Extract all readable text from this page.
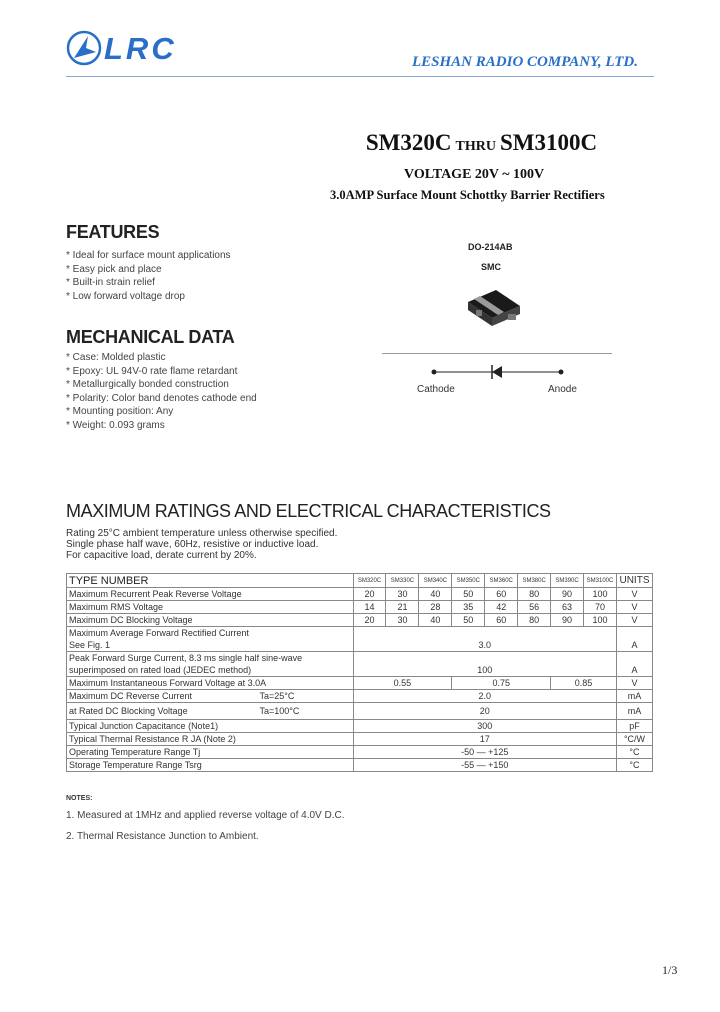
LRC	LESHAN RADIO COMPANY, LTD.
SM320C THRU SM3100C
VOLTAGE 20V ~ 100V
3.0AMP Surface Mount Schottky Barrier Rectifiers
FEATURES
* Ideal for surface mount applications
* Easy pick and place
* Built-in strain relief
* Low forward voltage drop
MECHANICAL DATA
* Case: Molded plastic
* Epoxy: UL 94V-0 rate flame retardant
* Metallurgically bonded construction
* Polarity: Color band denotes cathode end
* Mounting position: Any
* Weight: 0.093 grams
DO-214AB
SMC
Cathode	Anode
MAXIMUM RATINGS AND ELECTRICAL CHARACTERISTICS
Rating 25°C ambient temperature unless otherwise specified.
Single phase half wave, 60Hz, resistive or inductive load.
For capacitive load, derate current by 20%.
TYPE NUMBER	SM320C	SM330C	SM340C	SM350C	SM360C	SM380C	SM390C	SM3100C	UNITS
Maximum Recurrent Peak Reverse Voltage	20	30	40	50	60	80	90	100	V
Maximum RMS Voltage	14	21	28	35	42	56	63	70	V
Maximum DC Blocking Voltage	20	30	40	50	60	80	90	100	V

Maximum Average Forward Rectified Current
See Fig. 1	3.0								A

Peak Forward Surge Current, 8.3 ms single half sine-wave
superimposed on rated load (JEDEC method)	100								A
Maximum Instantaneous Forward Voltage at 3.0A	0.55			0.75			0.85		V
Maximum DC Reverse Current Ta=25°C	2.0								mA
at Rated DC Blocking Voltage Ta=100°C	20								mA
Typical Junction Capacitance (Note1)	300								pF
Typical Thermal Resistance R JA (Note 2)	17								°C/W
Operating Temperature Range Tj	-50 — +125								°C
Storage Temperature Range Tsrg	-55 — +150								°C
NOTES:
1. Measured at 1MHz and applied reverse voltage of 4.0V D.C.
2. Thermal Resistance Junction to Ambient.
1/3
